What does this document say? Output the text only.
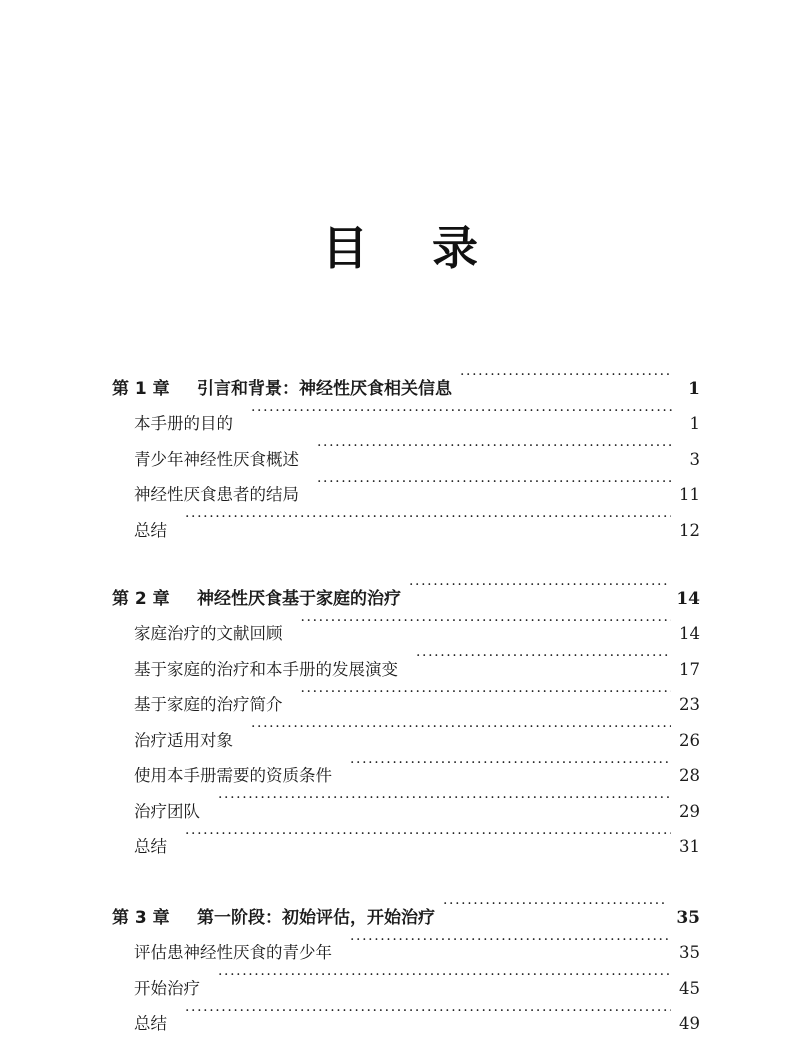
目 录
第 1 章	引言和背景：神经性厌食相关信息 ·····	1
本手册的目的 ·····	1
青少年神经性厌食概述 ·····	3
神经性厌食患者的结局 ·····	11
总结 ·····	12
第 2 章	神经性厌食基于家庭的治疗 ·····	14
家庭治疗的文献回顾 ·····	14
基于家庭的治疗和本手册的发展演变 ·····	17
基于家庭的治疗简介 ·····	23
治疗适用对象 ·····	26
使用本手册需要的资质条件 ·····	28
治疗团队 ·····	29
总结 ·····	31
第 3 章	第一阶段：初始评估，开始治疗 ·····	35
评估患神经性厌食的青少年 ·····	35
开始治疗 ·····	45
总结 ·····	49
